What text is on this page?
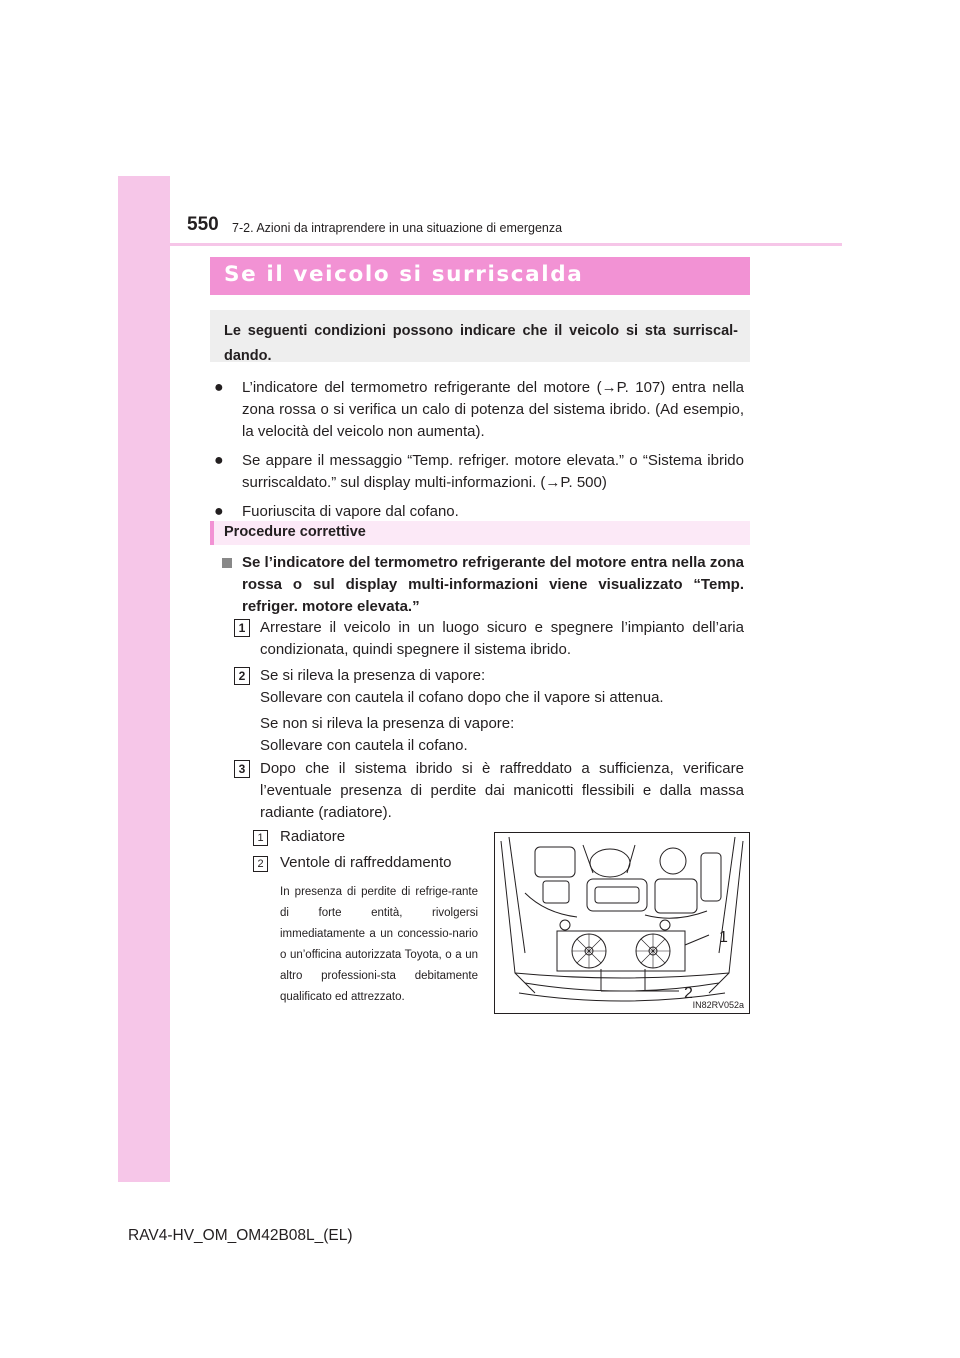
550 7-2. Azioni da intraprendere in una situazione di emergenza
Se il veicolo si surriscalda
Le seguenti condizioni possono indicare che il veicolo si sta surriscal-dando.
● L’indicatore del termometro refrigerante del motore (→P. 107) entra nella zona rossa o si verifica un calo di potenza del sistema ibrido. (Ad esempio, la velocità del veicolo non aumenta).
● Se appare il messaggio “Temp. refriger. motore elevata.” o “Sistema ibrido surriscaldato.” sul display multi-informazioni. (→P. 500)
● Fuoriuscita di vapore dal cofano.
Procedure correttive
Se l’indicatore del termometro refrigerante del motore entra nella zona rossa o sul display multi-informazioni viene visualizzato “Temp. refriger. motore elevata.”
1 Arrestare il veicolo in un luogo sicuro e spegnere l’impianto dell’aria condizionata, quindi spegnere il sistema ibrido.
2 Se si rileva la presenza di vapore:
Sollevare con cautela il cofano dopo che il vapore si attenua.
Se non si rileva la presenza di vapore:
Sollevare con cautela il cofano.
3 Dopo che il sistema ibrido si è raffreddato a sufficienza, verificare l’eventuale presenza di perdite dai manicotti flessibili e dalla massa radiante (radiatore).
1 Radiatore
2 Ventole di raffreddamento
In presenza di perdite di refrige-rante di forte entità, rivolgersi immediatamente a un concessio-nario o un’officina autorizzata Toyota, o a un altro professioni-sta debitamente qualificato ed attrezzato.
1
2
IN82RV052a
RAV4-HV_OM_OM42B08L_(EL)
